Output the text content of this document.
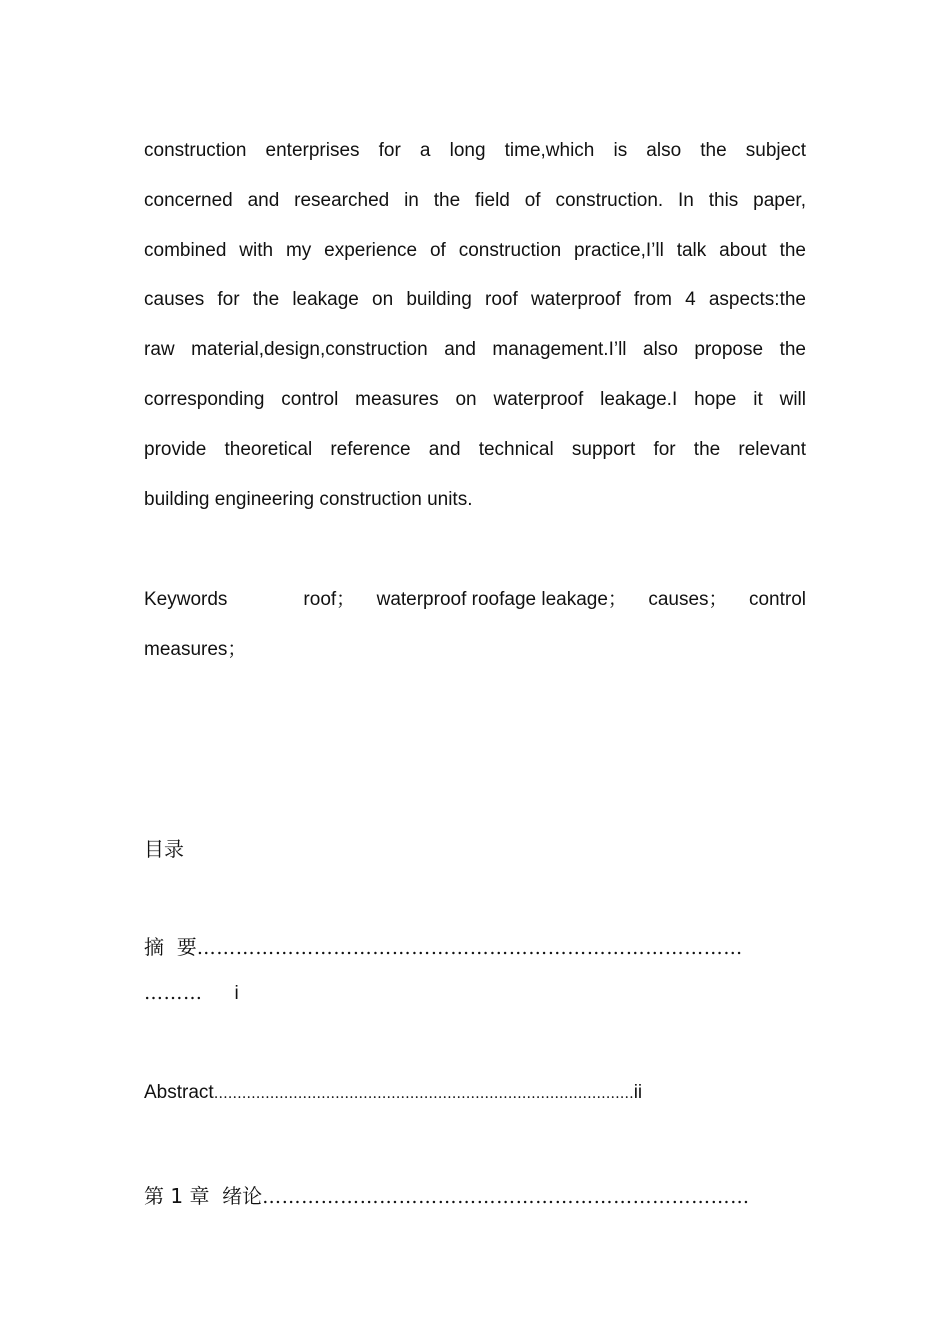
construction enterprises for a long time,which is also the subject
concerned and researched in the field of construction. In this paper,
combined with my experience of construction practice,I’ll talk about the
causes for the leakage on building roof waterproof from 4 aspects:the
raw material,design,construction and management.I’ll also propose the
corresponding control measures on waterproof leakage.I hope it will
provide theoretical reference and technical support for the relevant
building engineering construction units.
Keywords	roof； waterproof roofage leakage； causes； control
measures；
目录
摘  要…………………………………………………………………………
……… i
Abstract………………………………………………………………………………ii
第 1 章  绪论…………………………………………………………………
